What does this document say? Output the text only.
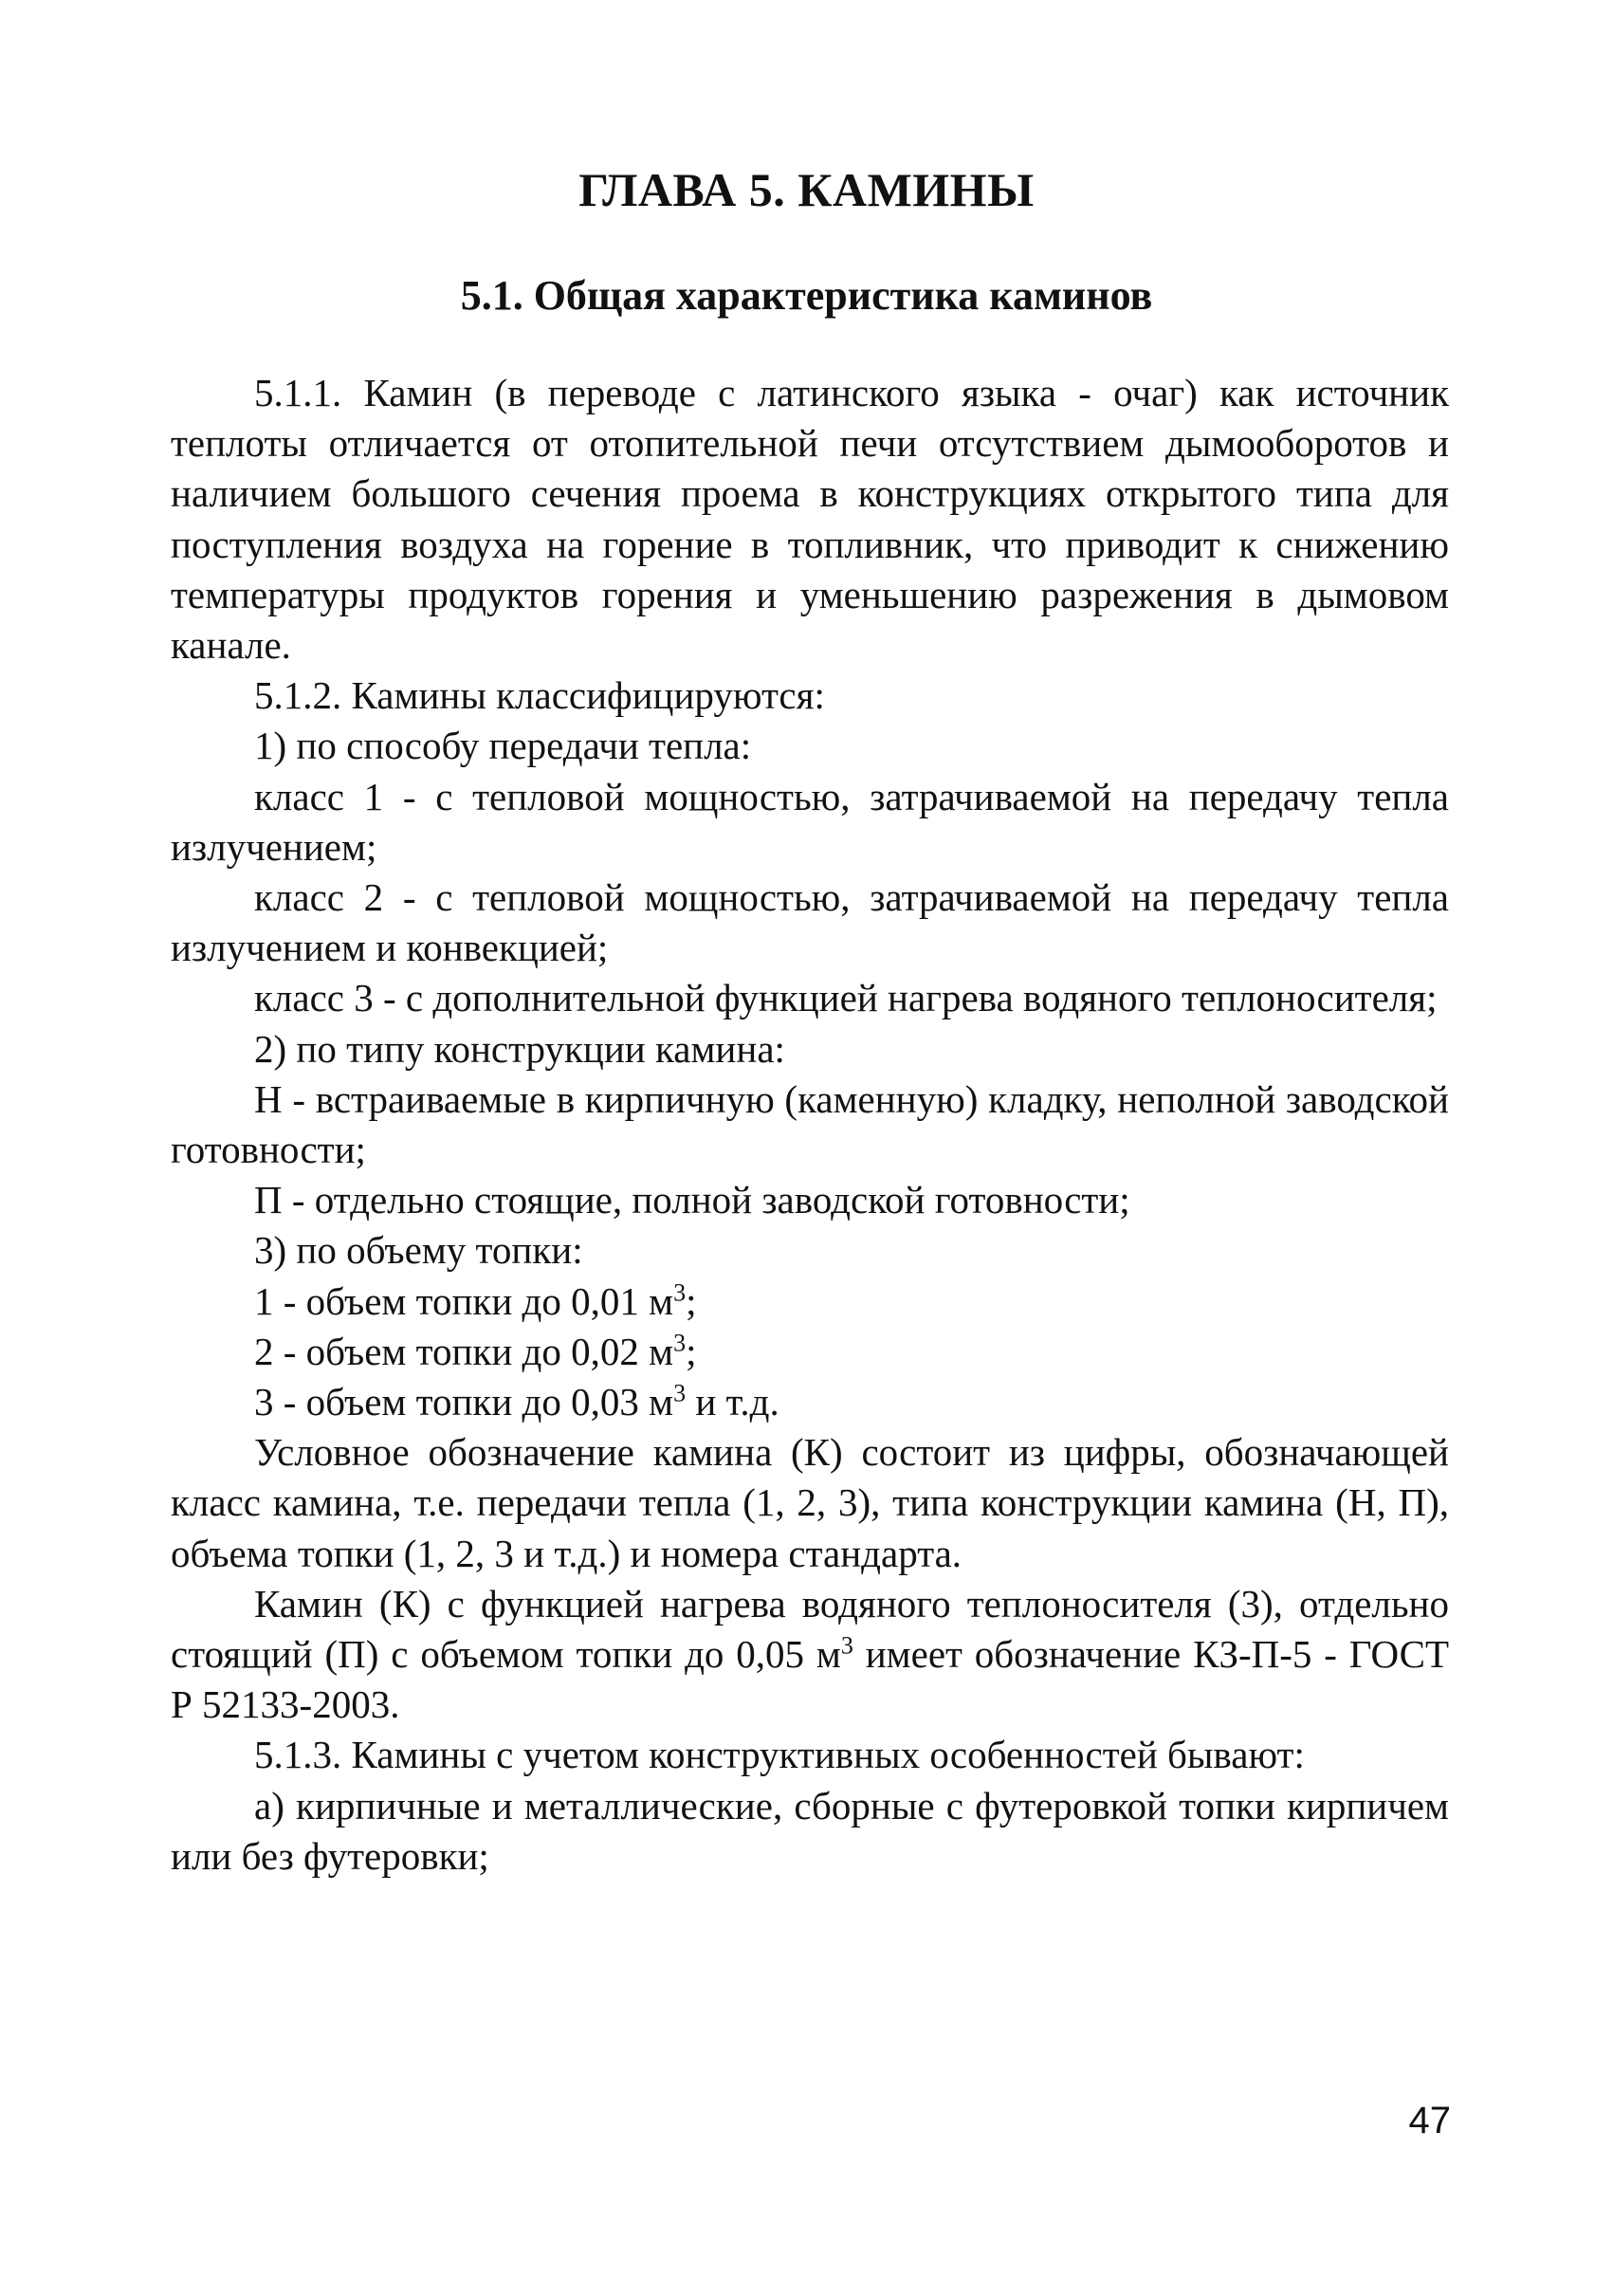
ГЛАВА 5. КАМИНЫ
5.1. Общая характеристика каминов

5.1.1. Камин (в переводе с латинского языка - очаг) как источник теплоты отличается от отопительной печи отсутствием дымооборотов и наличием большого сечения проема в конструкциях открытого типа для поступления воздуха на горение в топливник, что приводит к снижению температуры продуктов горения и уменьшению разрежения в дымовом канале.

5.1.2. Камины классифицируются:

1) по способу передачи тепла:

класс 1 - с тепловой мощностью, затрачиваемой на передачу тепла излучением;

класс 2 - с тепловой мощностью, затрачиваемой на передачу тепла излучением и конвекцией;

класс 3 - с дополнительной функцией нагрева водяного теплоносителя;

2) по типу конструкции камина:

Н - встраиваемые в кирпичную (каменную) кладку, неполной заводской готовности;

П - отдельно стоящие, полной заводской готовности;

3) по объему топки:

1 - объем топки до 0,01 $м^3$;

2 - объем топки до 0,02 $м^3$;

3 - объем топки до 0,03 $м^3$ и т.д.

Условное обозначение камина (К) состоит из цифры, обозначающей класс камина, т.е. передачи тепла (1, 2, 3), типа конструкции камина (Н, П), объема топки (1, 2, 3 и т.д.) и номера стандарта.

Камин (К) с функцией нагрева водяного теплоносителя (3), отдельно стоящий (П) с объемом топки до 0,05 $м^3$ имеет обозначение КЗ-П-5 - ГОСТ Р 52133-2003.

5.1.3. Камины с учетом конструктивных особенностей бывают:

а) кирпичные и металлические, сборные с футеровкой топки кирпичем или без футеровки;

47
